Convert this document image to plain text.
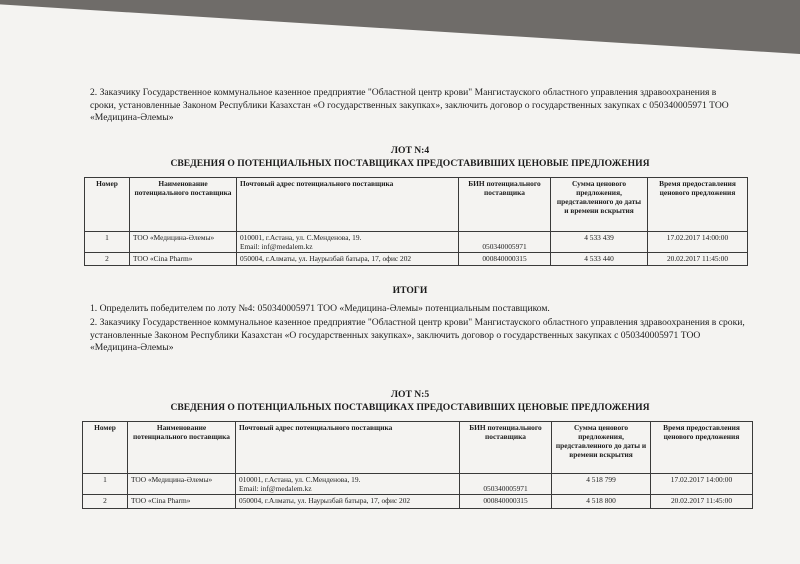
2. Заказчику Государственное коммунальное казенное предприятие "Областной центр крови" Мангистауского областного управления здравоохранения в сроки, установленные Законом Республики Казахстан «О государственных закупках», заключить договор о государственных закупках с 050340005971 ТОО «Медицина-Әлемы»

ЛОТ N:4

СВЕДЕНИЯ О ПОТЕНЦИАЛЬНЫХ ПОСТАВЩИКАХ ПРЕДОСТАВИВШИХ ЦЕНОВЫЕ ПРЕДЛОЖЕНИЯ

Номер	Наименование потенциального поставщика	Почтовый адрес потенциального поставщика	БИН потенциального поставщика	Сумма ценового предложения, представленного до даты и времени вскрытия	Время предоставления ценового предложения
1	ТОО «Медицина-Әлемы»	010001, г.Астана, ул. С.Менденова, 19.
Email: inf@medalem.kz	050340005971	4 533 439	17.02.2017 14:00:00
2	ТОО «Cina Pharm»	050004, г.Алматы, ул. Наурызбай батыра, 17, офис 202	000840000315	4 533 440	20.02.2017 11:45:00

ИТОГИ

1. Определить победителем по лоту №4: 050340005971 ТОО «Медицина-Әлемы» потенциальным поставщиком.

2. Заказчику Государственное коммунальное казенное предприятие "Областной центр крови" Мангистауского областного управления здравоохранения в сроки, установленные Законом Республики Казахстан «О государственных закупках», заключить договор о государственных закупках с 050340005971 ТОО «Медицина-Әлемы»

ЛОТ N:5

СВЕДЕНИЯ О ПОТЕНЦИАЛЬНЫХ ПОСТАВЩИКАХ ПРЕДОСТАВИВШИХ ЦЕНОВЫЕ ПРЕДЛОЖЕНИЯ

Номер	Наименование потенциального поставщика	Почтовый адрес потенциального поставщика	БИН потенциального поставщика	Сумма ценового предложения, представленного до даты и времени вскрытия	Время предоставления ценового предложения
1	ТОО «Медицина-Әлемы»	010001, г.Астана, ул. С.Менденова, 19.
Email: inf@medalem.kz	050340005971	4 518 799	17.02.2017 14:00:00
2	ТОО «Cina Pharm»	050004, г.Алматы, ул. Наурызбай батыра, 17, офис 202	000840000315	4 518 800	20.02.2017 11:45:00
